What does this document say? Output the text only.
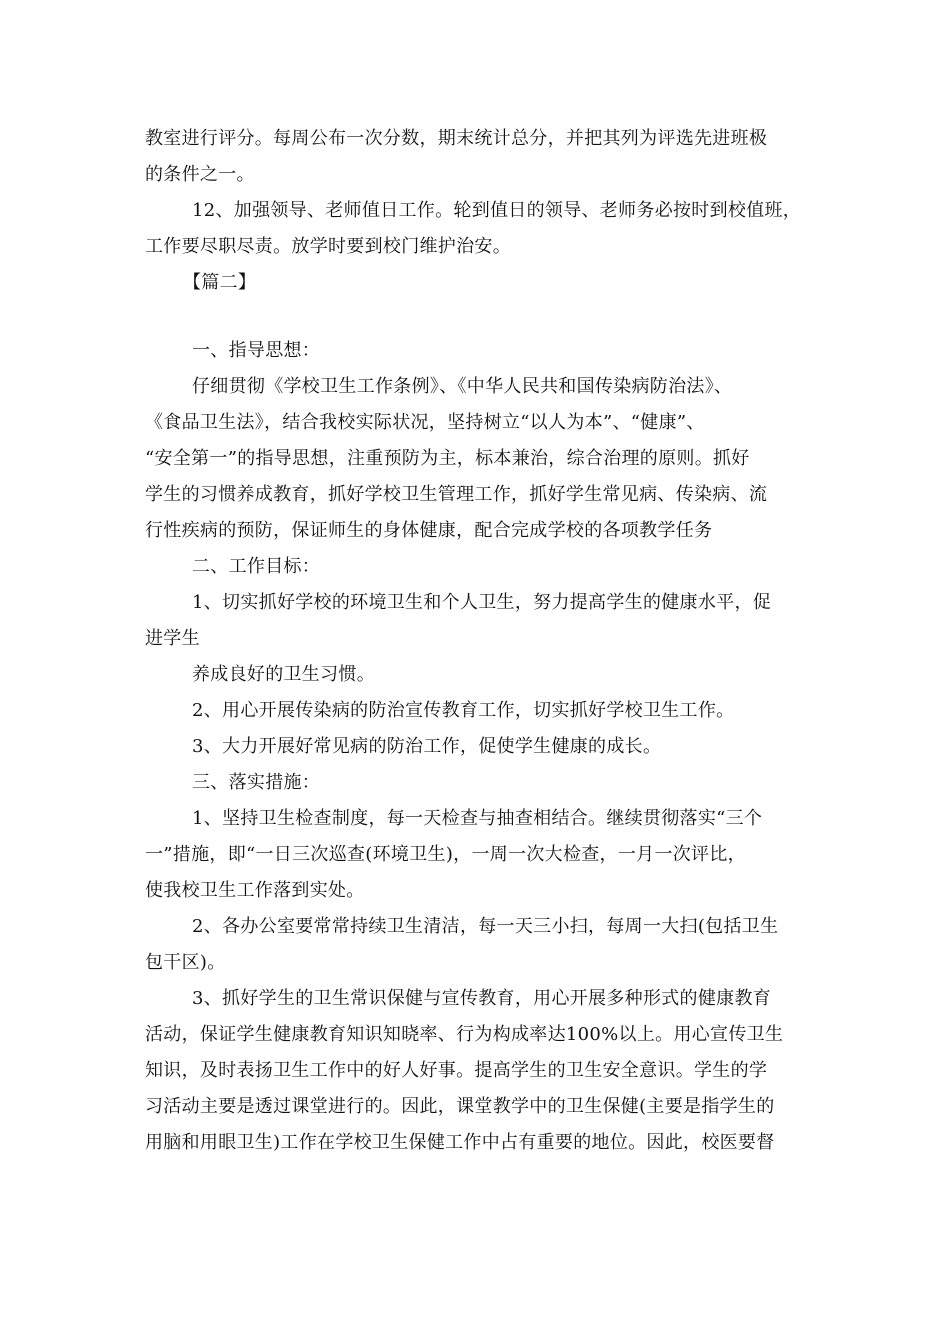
教室进行评分。每周公布一次分数，期末统计总分，并把其列为评选先进班极
的条件之一。
12、加强领导、老师值日工作。轮到值日的领导、老师务必按时到校值班，
工作要尽职尽责。放学时要到校门维护治安。
【篇二】
一、指导思想：
仔细贯彻《学校卫生工作条例》、《中华人民共和国传染病防治法》、
《食品卫生法》，结合我校实际状况，坚持树立“以人为本”、“健康”、
“安全第一”的指导思想，注重预防为主，标本兼治，综合治理的原则。抓好
学生的习惯养成教育，抓好学校卫生管理工作，抓好学生常见病、传染病、流
行性疾病的预防，保证师生的身体健康，配合完成学校的各项教学任务
二、工作目标：
1、切实抓好学校的环境卫生和个人卫生，努力提高学生的健康水平，促
进学生
养成良好的卫生习惯。
2、用心开展传染病的防治宣传教育工作，切实抓好学校卫生工作。
3、大力开展好常见病的防治工作，促使学生健康的成长。
三、落实措施：
1、坚持卫生检查制度，每一天检查与抽查相结合。继续贯彻落实“三个
一”措施，即“一日三次巡查(环境卫生)，一周一次大检查，一月一次评比，
使我校卫生工作落到实处。
2、各办公室要常常持续卫生清洁，每一天三小扫，每周一大扫(包括卫生
包干区)。
3、抓好学生的卫生常识保健与宣传教育，用心开展多种形式的健康教育
活动，保证学生健康教育知识知晓率、行为构成率达100%以上。用心宣传卫生
知识，及时表扬卫生工作中的好人好事。提高学生的卫生安全意识。学生的学
习活动主要是透过课堂进行的。因此，课堂教学中的卫生保健(主要是指学生的
用脑和用眼卫生)工作在学校卫生保健工作中占有重要的地位。因此，校医要督
